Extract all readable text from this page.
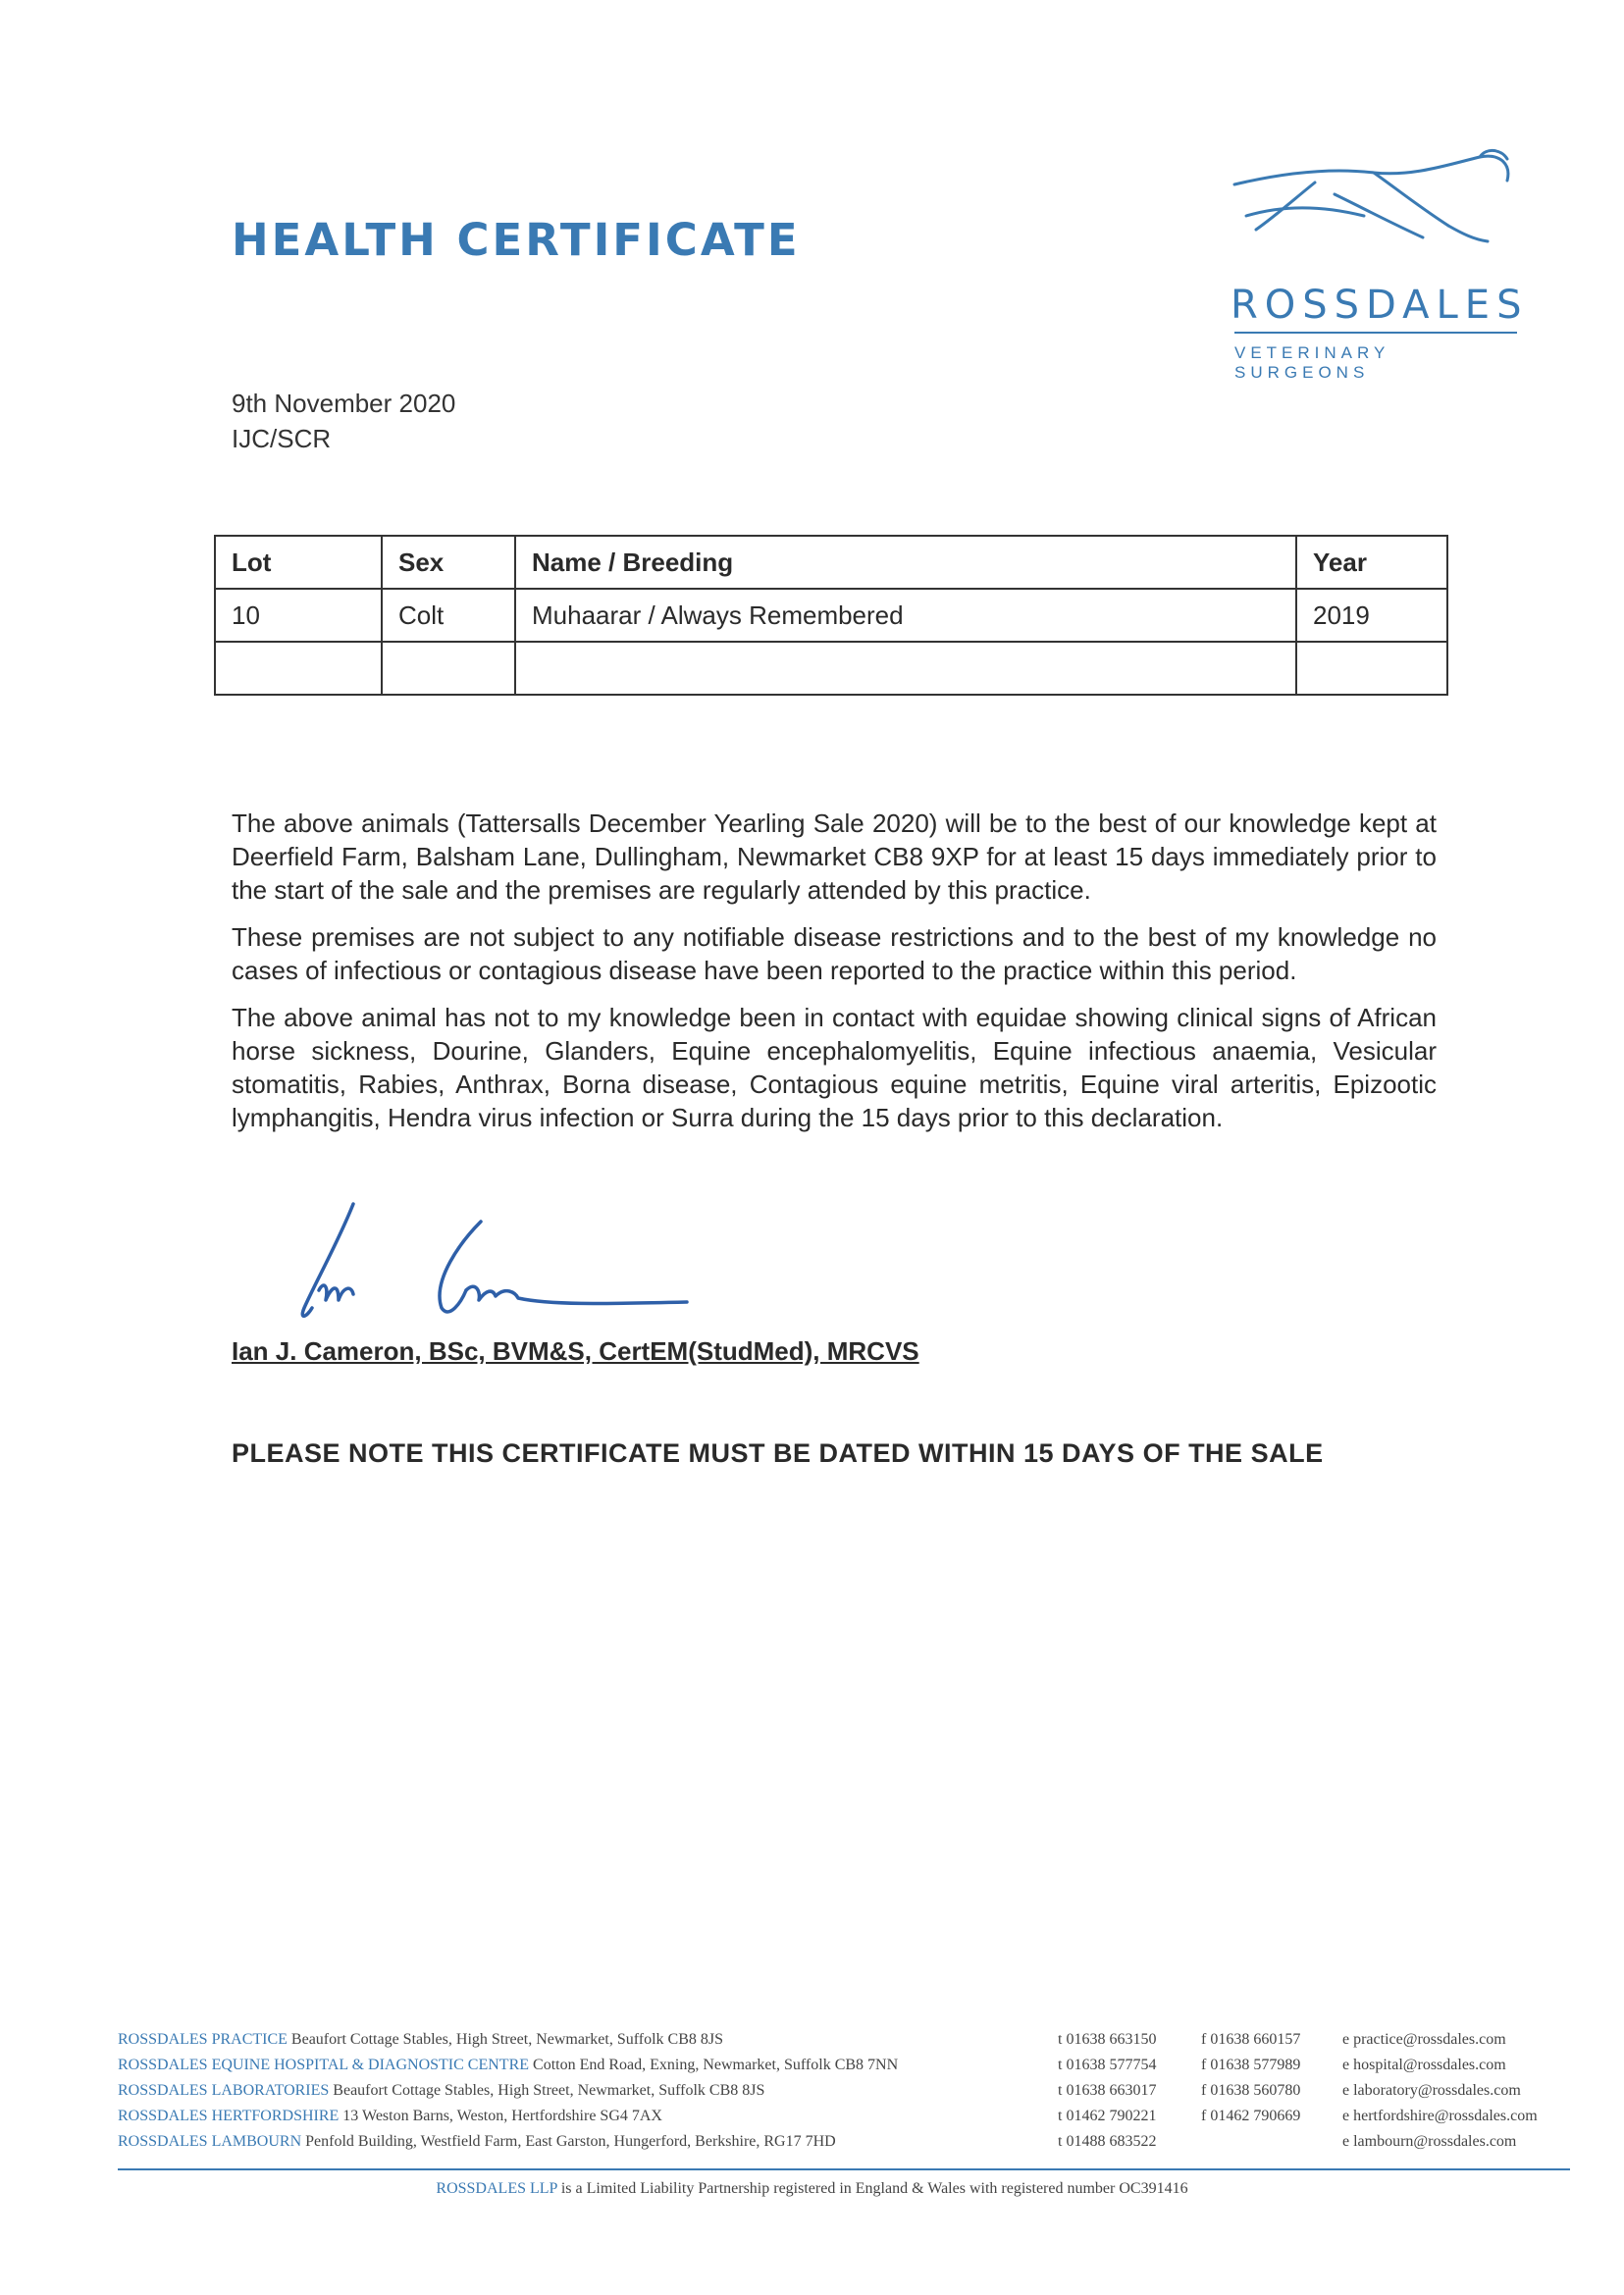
HEALTH CERTIFICATE
ROSSDALES
VETERINARY SURGEONS
9th November 2020
IJC/SCR
Lot	Sex	Name / Breeding	Year
10	Colt	Muhaarar / Always Remembered	2019

The above animals (Tattersalls December Yearling Sale 2020) will be to the best of our knowledge kept at Deerfield Farm, Balsham Lane, Dullingham, Newmarket CB8 9XP for at least 15 days immediately prior to the start of the sale and the premises are regularly attended by this practice.

These premises are not subject to any notifiable disease restrictions and to the best of my knowledge no cases of infectious or contagious disease have been reported to the practice within this period.

The above animal has not to my knowledge been in contact with equidae showing clinical signs of African horse sickness, Dourine, Glanders, Equine encephalomyelitis, Equine infectious anaemia, Vesicular stomatitis, Rabies, Anthrax, Borna disease, Contagious equine metritis, Equine viral arteritis, Epizootic lymphangitis, Hendra virus infection or Surra during the 15 days prior to this declaration.

Ian J. Cameron, BSc, BVM&S, CertEM(StudMed), MRCVS
PLEASE NOTE THIS CERTIFICATE MUST BE DATED WITHIN 15 DAYS OF THE SALE
ROSSDALES PRACTICE Beaufort Cottage Stables, High Street, Newmarket, Suffolk CB8 8JS	t 01638 663150	f 01638 660157	e practice@rossdales.com
ROSSDALES EQUINE HOSPITAL & DIAGNOSTIC CENTRE Cotton End Road, Exning, Newmarket, Suffolk CB8 7NN	t 01638 577754	f 01638 577989	e hospital@rossdales.com
ROSSDALES LABORATORIES Beaufort Cottage Stables, High Street, Newmarket, Suffolk CB8 8JS	t 01638 663017	f 01638 560780	e laboratory@rossdales.com
ROSSDALES HERTFORDSHIRE 13 Weston Barns, Weston, Hertfordshire SG4 7AX	t 01462 790221	f 01462 790669	e hertfordshire@rossdales.com
ROSSDALES LAMBOURN Penfold Building, Westfield Farm, East Garston, Hungerford, Berkshire, RG17 7HD	t 01488 683522	e lambourn@rossdales.com
ROSSDALES LLP is a Limited Liability Partnership registered in England & Wales with registered number OC391416
